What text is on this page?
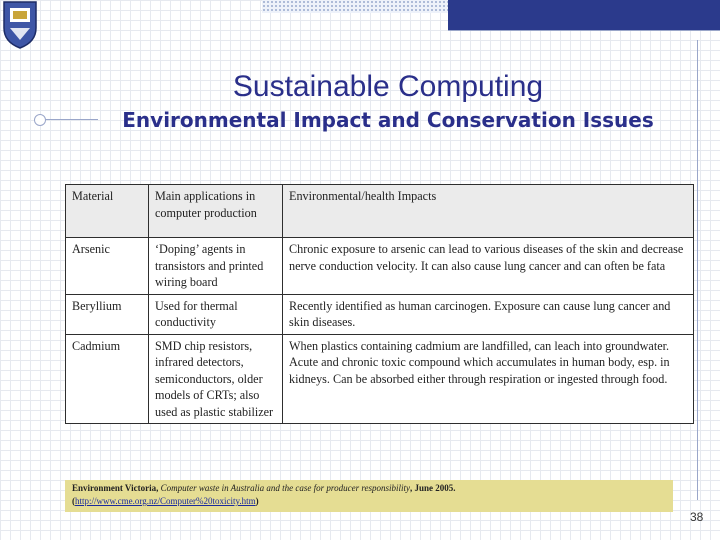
Sustainable Computing
Environmental Impact and Conservation Issues
Material	Main applications in computer production	Environmental/health Impacts
Arsenic	‘Doping’ agents in transistors and printed wiring board	Chronic exposure to arsenic can lead to various diseases of the skin and decrease nerve conduction velocity. It can also cause lung cancer and can often be fata
Beryllium	Used for thermal conductivity	Recently identified as human carcinogen. Exposure can cause lung cancer and skin diseases.
Cadmium	SMD chip resistors, infrared detectors, semiconductors, older models of CRTs; also used as plastic stabilizer	When plastics containing cadmium are landfilled, can leach into groundwater. Acute and chronic toxic compound which accumulates in human body, esp. in kidneys. Can be absorbed either through respiration or ingested through food.
Environment Victoria, Computer waste in Australia and the case for producer responsibility, June 2005.
(http://www.cme.org.nz/Computer%20toxicity.htm)
38
